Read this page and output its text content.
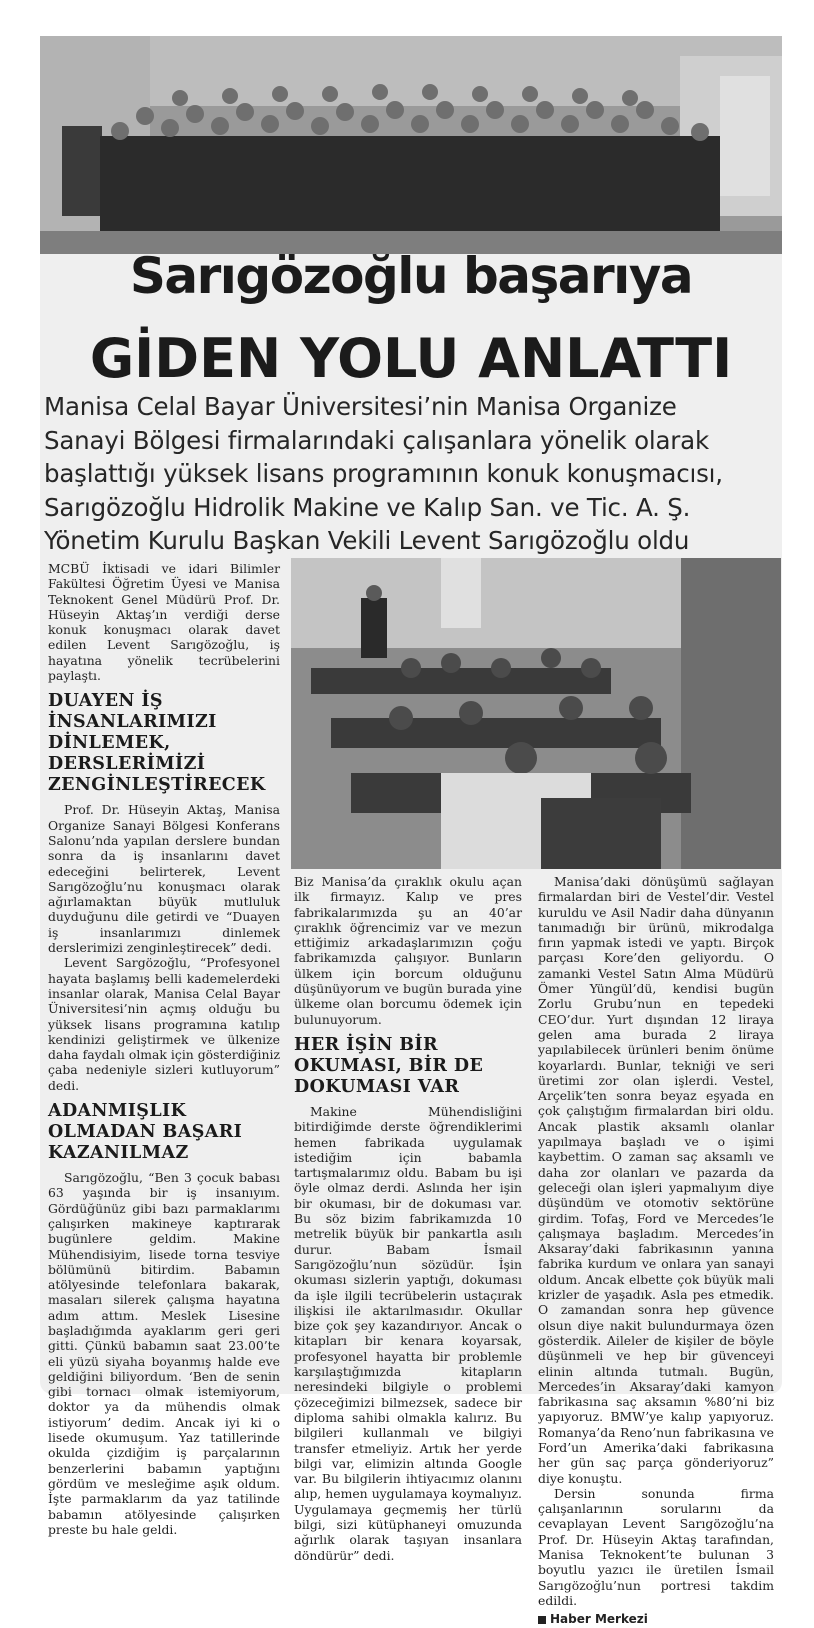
Sarıgözoğlu başarıya
GİDEN YOLU ANLATTI
Manisa Celal Bayar Üniversitesi’nin Manisa Organize
Sanayi Bölgesi firmalarındaki çalışanlara yönelik olarak
başlattığı yüksek lisans programının konuk konuşmacısı,
Sarıgözoğlu Hidrolik Makine ve Kalıp San. ve Tic. A. Ş.
Yönetim Kurulu Başkan Vekili Levent Sarıgözoğlu oldu

MCBÜ İktisadi ve idari Bilimler Fakültesi Öğretim Üyesi ve Manisa Teknokent Genel Müdürü Prof. Dr. Hüseyin Aktaş’ın verdiği derse konuk konuşmacı olarak davet edilen Levent Sarıgözoğlu, iş hayatına yönelik tecrübelerini paylaştı.

DUAYEN İŞ İNSANLARIMIZI DİNLEMEK, DERSLERİMİZİ ZENGİNLEŞTİRECEK

Prof. Dr. Hüseyin Aktaş, Manisa Organize Sanayi Bölgesi Konferans Salonu’nda yapılan derslere bundan sonra da iş insanlarını davet edeceğini belirterek, Levent Sarıgözoğlu’nu konuşmacı olarak ağırlamaktan büyük mutluluk duyduğunu dile getirdi ve “Duayen iş insanlarımızı dinlemek derslerimizi zenginleştirecek” dedi.

Levent Sargözoğlu, “Profesyonel hayata başlamış belli kademelerdeki insanlar olarak, Manisa Celal Bayar Üniversitesi’nin açmış olduğu bu yüksek lisans programına katılıp kendinizi geliştirmek ve ülkenize daha faydalı olmak için gösterdiğiniz çaba nedeniyle sizleri kutluyorum” dedi.

ADANMIŞLIK OLMADAN BAŞARI KAZANILMAZ

Sarıgözoğlu, “Ben 3 çocuk babası 63 yaşında bir iş insanıyım. Gördüğünüz gibi bazı parmaklarımı çalışırken makineye kaptırarak bugünlere geldim. Makine Mühendisiyim, lisede torna tesviye bölümünü bitirdim. Babamın atölyesinde telefonlara bakarak, masaları silerek çalışma hayatına adım attım. Meslek Lisesine başladığımda ayaklarım geri geri gitti. Çünkü babamın saat 23.00’te eli yüzü siyaha boyanmış halde eve geldiğini biliyordum. ‘Ben de senin gibi tornacı olmak istemiyorum, doktor ya da mühendis olmak istiyorum’ dedim. Ancak iyi ki o lisede okumuşum. Yaz tatillerinde okulda çizdiğim iş parçalarının benzerlerini babamın yaptığını gördüm ve mesleğime aşık oldum. İşte parmaklarım da yaz tatilinde babamın atölyesinde çalışırken preste bu hale geldi.

Biz Manisa’da çıraklık okulu açan ilk firmayız. Kalıp ve pres fabrikalarımızda şu an 40’ar çıraklık öğrencimiz var ve mezun ettiğimiz arkadaşlarımızın çoğu fabrikamızda çalışıyor. Bunların ülkem için borcum olduğunu düşünüyorum ve bugün burada yine ülkeme olan borcumu ödemek için bulunuyorum.

HER İŞİN BİR OKUMASI, BİR DE DOKUMASI VAR

Makine Mühendisliğini bitirdiğimde derste öğrendiklerimi hemen fabrikada uygulamak istediğim için babamla tartışmalarımız oldu. Babam bu işi öyle olmaz derdi. Aslında her işin bir okuması, bir de dokuması var. Bu söz bizim fabrikamızda 10 metrelik büyük bir pankartla asılı durur. Babam İsmail Sarıgözoğlu’nun sözüdür. İşin okuması sizlerin yaptığı, dokuması da işle ilgili tecrübelerin ustaçırak ilişkisi ile aktarılmasıdır. Okullar bize çok şey kazandırıyor. Ancak o kitapları bir kenara koyarsak, profesyonel hayatta bir problemle karşılaştığımızda kitapların neresindeki bilgiyle o problemi çözeceğimizi bilmezsek, sadece bir diploma sahibi olmakla kalırız. Bu bilgileri kullanmalı ve bilgiyi transfer etmeliyiz. Artık her yerde bilgi var, elimizin altında Google var. Bu bilgilerin ihtiyacımız olanını alıp, hemen uygulamaya koymalıyız. Uygulamaya geçmemiş her türlü bilgi, sizi kütüphaneyi omuzunda ağırlık olarak taşıyan insanlara döndürür” dedi.

Manisa’daki dönüşümü sağlayan firmalardan biri de Vestel’dir. Vestel kuruldu ve Asil Nadir daha dünyanın tanımadığı bir ürünü, mikrodalga fırın yapmak istedi ve yaptı. Birçok parçası Kore’den geliyordu. O zamanki Vestel Satın Alma Müdürü Ömer Yüngül’dü, kendisi bugün Zorlu Grubu’nun en tepedeki CEO’dur. Yurt dışından 12 liraya gelen ama burada 2 liraya yapılabilecek ürünleri benim önüme koyarlardı. Bunlar, tekniği ve seri üretimi zor olan işlerdi. Vestel, Arçelik’ten sonra beyaz eşyada en çok çalıştığım firmalardan biri oldu. Ancak plastik aksamlı olanlar yapılmaya başladı ve o işimi kaybettim. O zaman saç aksamlı ve daha zor olanları ve pazarda da geleceği olan işleri yapmalıyım diye düşündüm ve otomotiv sektörüne girdim. Tofaş, Ford ve Mercedes’le çalışmaya başladım. Mercedes’in Aksaray’daki fabrikasının yanına fabrika kurdum ve onlara yan sanayi oldum. Ancak elbette çok büyük mali krizler de yaşadık. Asla pes etmedik. O zamandan sonra hep güvence olsun diye nakit bulundurmaya özen gösterdik. Aileler de kişiler de böyle düşünmeli ve hep bir güvenceyi elinin altında tutmalı. Bugün, Mercedes’in Aksaray’daki kamyon fabrikasına saç aksamın %80’ni biz yapıyoruz. BMW’ye kalıp yapıyoruz. Romanya’da Reno’nun fabrikasına ve Ford’un Amerika’daki fabrikasına her gün saç parça gönderiyoruz” diye konuştu.

Dersin sonunda firma çalışanlarının sorularını da cevaplayan Levent Sarıgözoğlu’na Prof. Dr. Hüseyin Aktaş tarafından, Manisa Teknokent’te bulunan 3 boyutlu yazıcı ile üretilen İsmail Sarıgözoğlu’nun portresi takdim edildi.

Haber Merkezi
